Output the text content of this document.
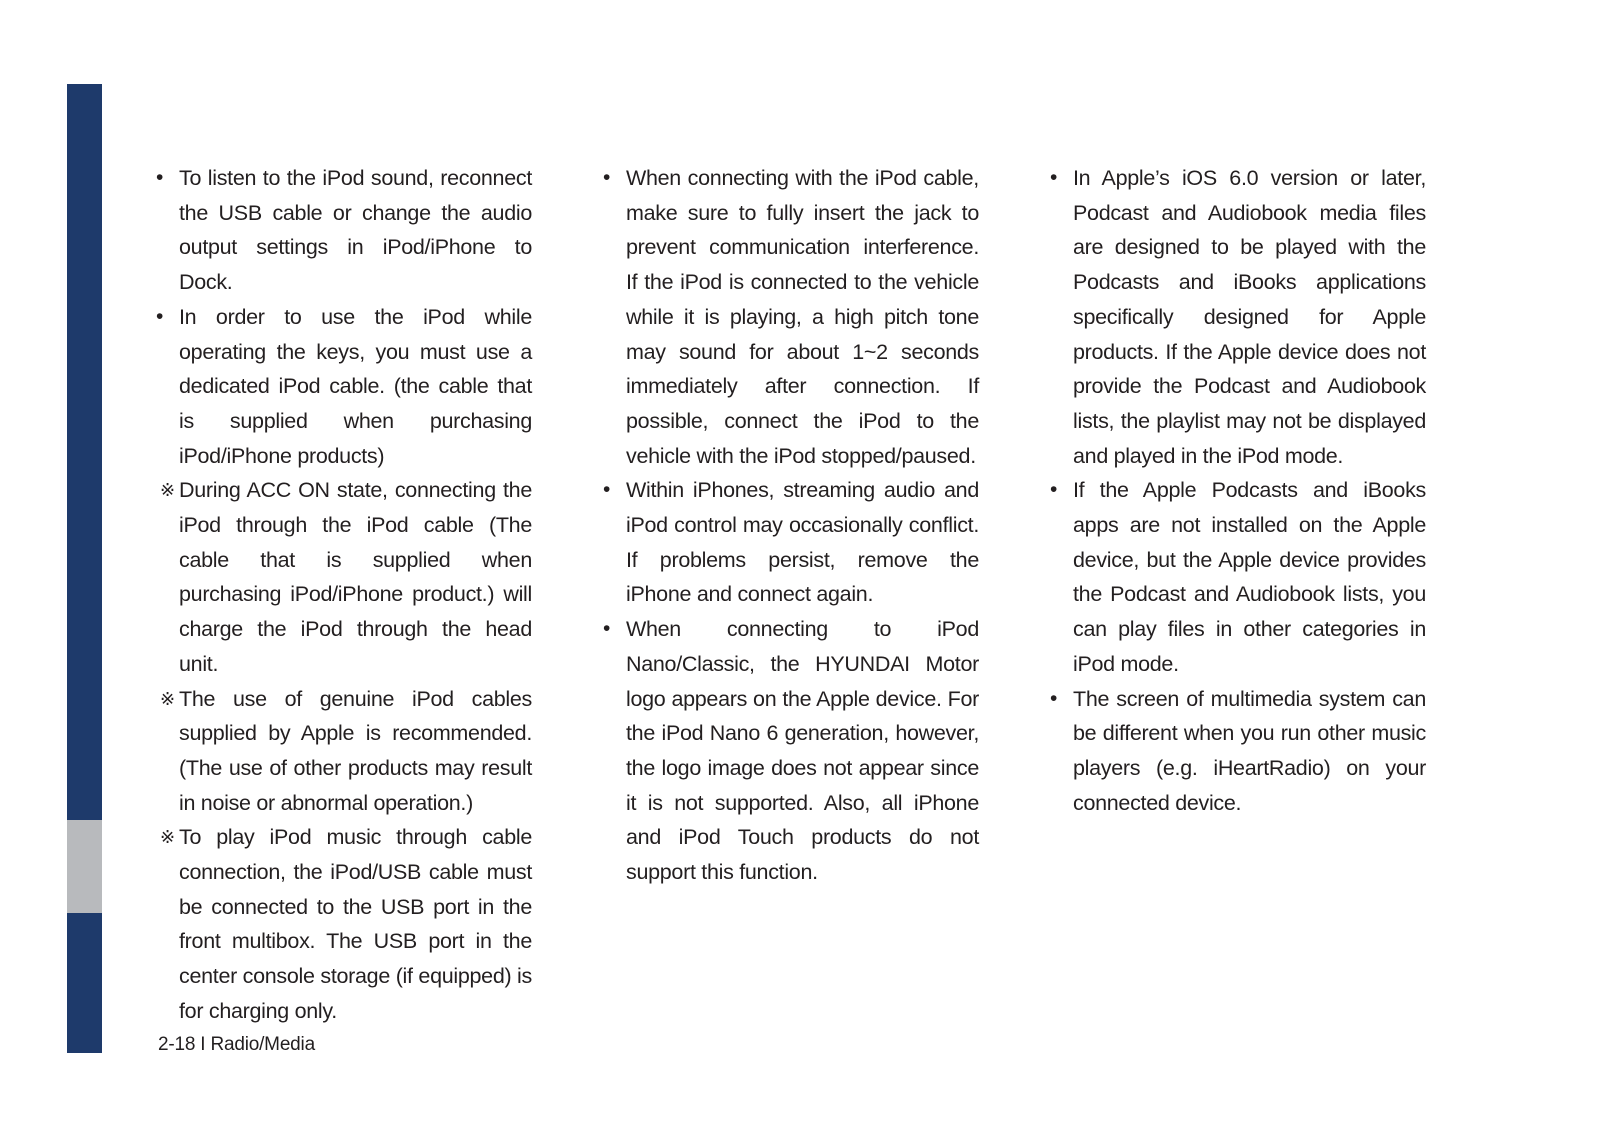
• To listen to the iPod sound, reconnect the USB cable or change the audio output settings in iPod/iPhone to Dock.
• In order to use the iPod while operating the keys, you must use a dedicated iPod cable. (the cable that is supplied when purchasing iPod/iPhone products)
※ During ACC ON state, connecting the iPod through the iPod cable (The cable that is supplied when purchasing iPod/iPhone product.) will charge the iPod through the head unit.
※ The use of genuine iPod cables supplied by Apple is recommended. (The use of other products may result in noise or abnormal operation.)
※ To play iPod music through cable connection, the iPod/USB cable must be connected to the USB port in the front multibox. The USB port in the center console storage (if equipped) is for charging only.
• When connecting with the iPod cable, make sure to fully insert the jack to prevent communication interference. If the iPod is connected to the vehicle while it is playing, a high pitch tone may sound for about 1~2 seconds immediately after connection. If possible, connect the iPod to the vehicle with the iPod stopped/paused.
• Within iPhones, streaming audio and iPod control may occasionally conflict. If problems persist, remove the iPhone and connect again.
• When connecting to iPod Nano/Classic, the HYUNDAI Motor logo appears on the Apple device. For the iPod Nano 6 generation, however, the logo image does not appear since it is not supported. Also, all iPhone and iPod Touch products do not support this function.
• In Apple’s iOS 6.0 version or later, Podcast and Audiobook media files are designed to be played with the Podcasts and iBooks applications specifically designed for Apple products. If the Apple device does not provide the Podcast and Audiobook lists, the playlist may not be displayed and played in the iPod mode.
• If the Apple Podcasts and iBooks apps are not installed on the Apple device, but the Apple device provides the Podcast and Audiobook lists, you can play files in other categories in iPod mode.
• The screen of multimedia system can be different when you run other music players (e.g. iHeartRadio) on your connected device.
2-18 I Radio/Media
